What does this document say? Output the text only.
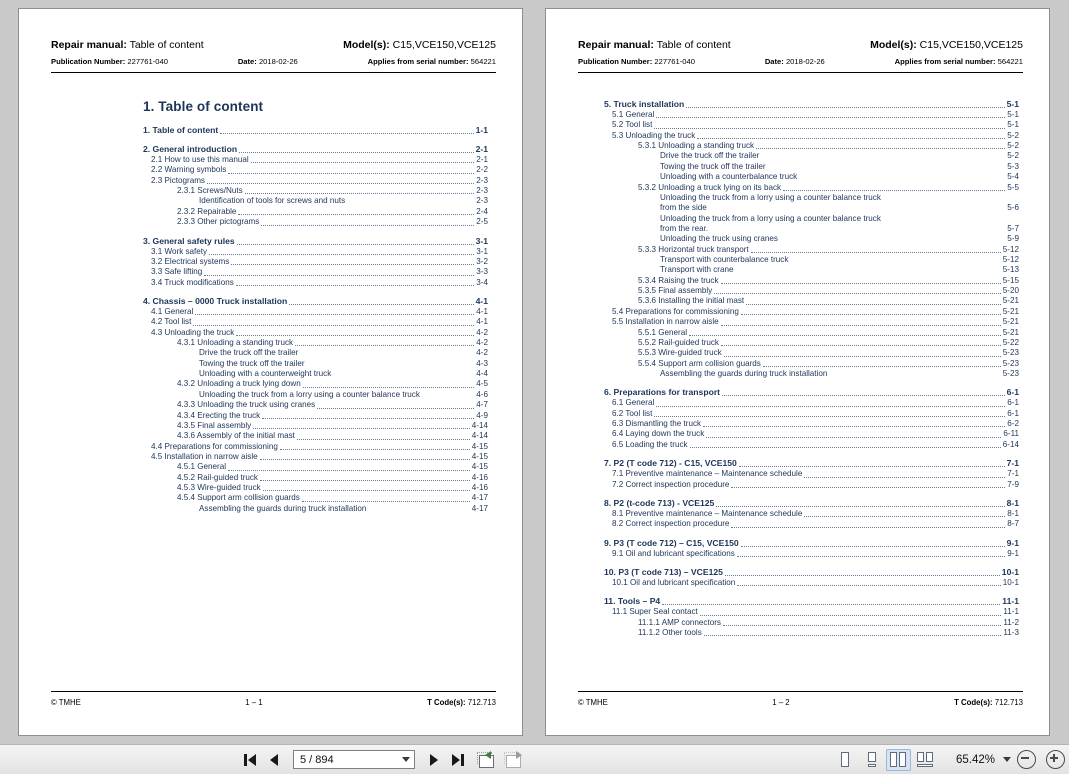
Repair manual: Table of content	Model(s): C15,VCE150,VCE125
Publication Number: 227761-040	Date: 2018-02-26	Applies from serial number: 564221
1. Table of content
1. Table of content	1-1
2. General introduction	2-1
2.1 How to use this manual	2-1
2.2 Warning symbols	2-2
2.3 Pictograms	2-3
2.3.1 Screws/Nuts	2-3
Identification of tools for screws and nuts	2-3
2.3.2 Repairable	2-4
2.3.3 Other pictograms	2-5
3. General safety rules	3-1
3.1 Work safety	3-1
3.2 Electrical systems	3-2
3.3 Safe lifting	3-3
3.4 Truck modifications	3-4
4. Chassis – 0000 Truck installation	4-1
4.1 General	4-1
4.2 Tool list	4-1
4.3 Unloading the truck	4-2
4.3.1 Unloading a standing truck	4-2
Drive the truck off the trailer	4-2
Towing the truck off the trailer	4-3
Unloading with a counterweight truck	4-4
4.3.2 Unloading a truck lying down	4-5
Unloading the truck from a lorry using a counter balance truck	4-6
4.3.3 Unloading the truck using cranes	4-7
4.3.4 Erecting the truck	4-9
4.3.5 Final assembly	4-14
4.3.6 Assembly of the initial mast	4-14
4.4 Preparations for commissioning	4-15
4.5 Installation in narrow aisle	4-15
4.5.1 General	4-15
4.5.2 Rail-guided truck	4-16
4.5.3 Wire-guided truck	4-16
4.5.4 Support arm collision guards	4-17
Assembling the guards during truck installation	4-17
© TMHE	1 – 1	T Code(s): 712.713
Repair manual: Table of content	Model(s): C15,VCE150,VCE125
Publication Number: 227761-040	Date: 2018-02-26	Applies from serial number: 564221
5. Truck installation	5-1
5.1 General	5-1
5.2 Tool list	5-1
5.3 Unloading the truck	5-2
5.3.1 Unloading a standing truck	5-2
Drive the truck off the trailer	5-2
Towing the truck off the trailer	5-3
Unloading with a counterbalance truck	5-4
5.3.2 Unloading a truck lying on its back	5-5
Unloading the truck from a lorry using a counter balance truck
from the side	5-6
Unloading the truck from a lorry using a counter balance truck
from the rear.	5-7
Unloading the truck using cranes	5-9
5.3.3 Horizontal truck transport	5-12
Transport with counterbalance truck	5-12
Transport with crane	5-13
5.3.4 Raising the truck	5-15
5.3.5 Final assembly	5-20
5.3.6 Installing the initial mast	5-21
5.4 Preparations for commissioning	5-21
5.5 Installation in narrow aisle	5-21
5.5.1 General	5-21
5.5.2 Rail-guided truck	5-22
5.5.3 Wire-guided truck	5-23
5.5.4 Support arm collision guards	5-23
Assembling the guards during truck installation	5-23
6. Preparations for transport	6-1
6.1 General	6-1
6.2 Tool list	6-1
6.3 Dismantling the truck	6-2
6.4 Laying down the truck	6-11
6.5 Loading the truck	6-14
7. P2 (T code 712) - C15, VCE150	7-1
7.1 Preventive maintenance – Maintenance schedule	7-1
7.2 Correct inspection procedure	7-9
8. P2 (t-code 713) - VCE125	8-1
8.1 Preventive maintenance – Maintenance schedule	8-1
8.2 Correct inspection procedure	8-7
9. P3 (T code 712) – C15, VCE150	9-1
9.1 Oil and lubricant specifications	9-1
10. P3 (T code 713) – VCE125	10-1
10.1 Oil and lubricant specification	10-1
11. Tools – P4	11-1
11.1 Super Seal contact	11-1
11.1.1 AMP connectors	11-2
11.1.2 Other tools	11-3
© TMHE	1 – 2	T Code(s): 712.713
5 / 894	65.42%
